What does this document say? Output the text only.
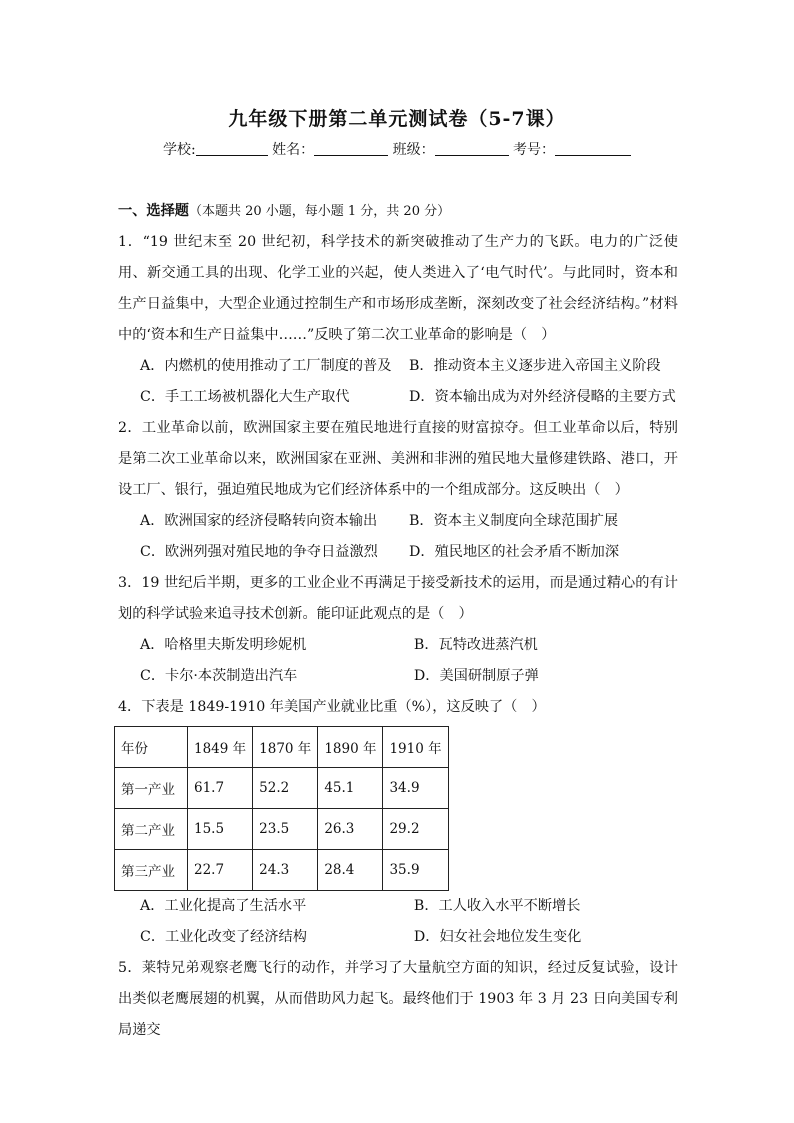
九年级下册第二单元测试卷（5-7课）
学校:	姓名：	班级：	考号：
一、选择题（本题共 20 小题，每小题 1 分，共 20 分）
1．“19 世纪末至 20 世纪初，科学技术的新突破推动了生产力的飞跃。电力的广泛使用、新交通工具的出现、化学工业的兴起，使人类进入了‘电气时代’。与此同时，资本和生产日益集中，大型企业通过控制生产和市场形成垄断，深刻改变了社会经济结构。”材料中的‘资本和生产日益集中……”反映了第二次工业革命的影响是（　）
A．内燃机的使用推动了工厂制度的普及	B．推动资本主义逐步进入帝国主义阶段
C．手工工场被机器化大生产取代	D．资本输出成为对外经济侵略的主要方式
2．工业革命以前，欧洲国家主要在殖民地进行直接的财富掠夺。但工业革命以后，特别是第二次工业革命以来，欧洲国家在亚洲、美洲和非洲的殖民地大量修建铁路、港口，开设工厂、银行，强迫殖民地成为它们经济体系中的一个组成部分。这反映出（　）
A．欧洲国家的经济侵略转向资本输出	B．资本主义制度向全球范围扩展
C．欧洲列强对殖民地的争夺日益激烈	D．殖民地区的社会矛盾不断加深
3．19 世纪后半期，更多的工业企业不再满足于接受新技术的运用，而是通过精心的有计划的科学试验来追寻技术创新。能印证此观点的是（　）
A．哈格里夫斯发明珍妮机	B．瓦特改进蒸汽机
C．卡尔·本茨制造出汽车	D．美国研制原子弹
4．下表是 1849-1910 年美国产业就业比重（%），这反映了（　）
年份	1849 年	1870 年	1890 年	1910 年
第一产业	61.7	52.2	45.1	34.9
第二产业	15.5	23.5	26.3	29.2
第三产业	22.7	24.3	28.4	35.9
A．工业化提高了生活水平	B．工人收入水平不断增长
C．工业化改变了经济结构	D．妇女社会地位发生变化
5．莱特兄弟观察老鹰飞行的动作，并学习了大量航空方面的知识，经过反复试验，设计出类似老鹰展翅的机翼，从而借助风力起飞。最终他们于 1903 年 3 月 23 日向美国专利局递交
